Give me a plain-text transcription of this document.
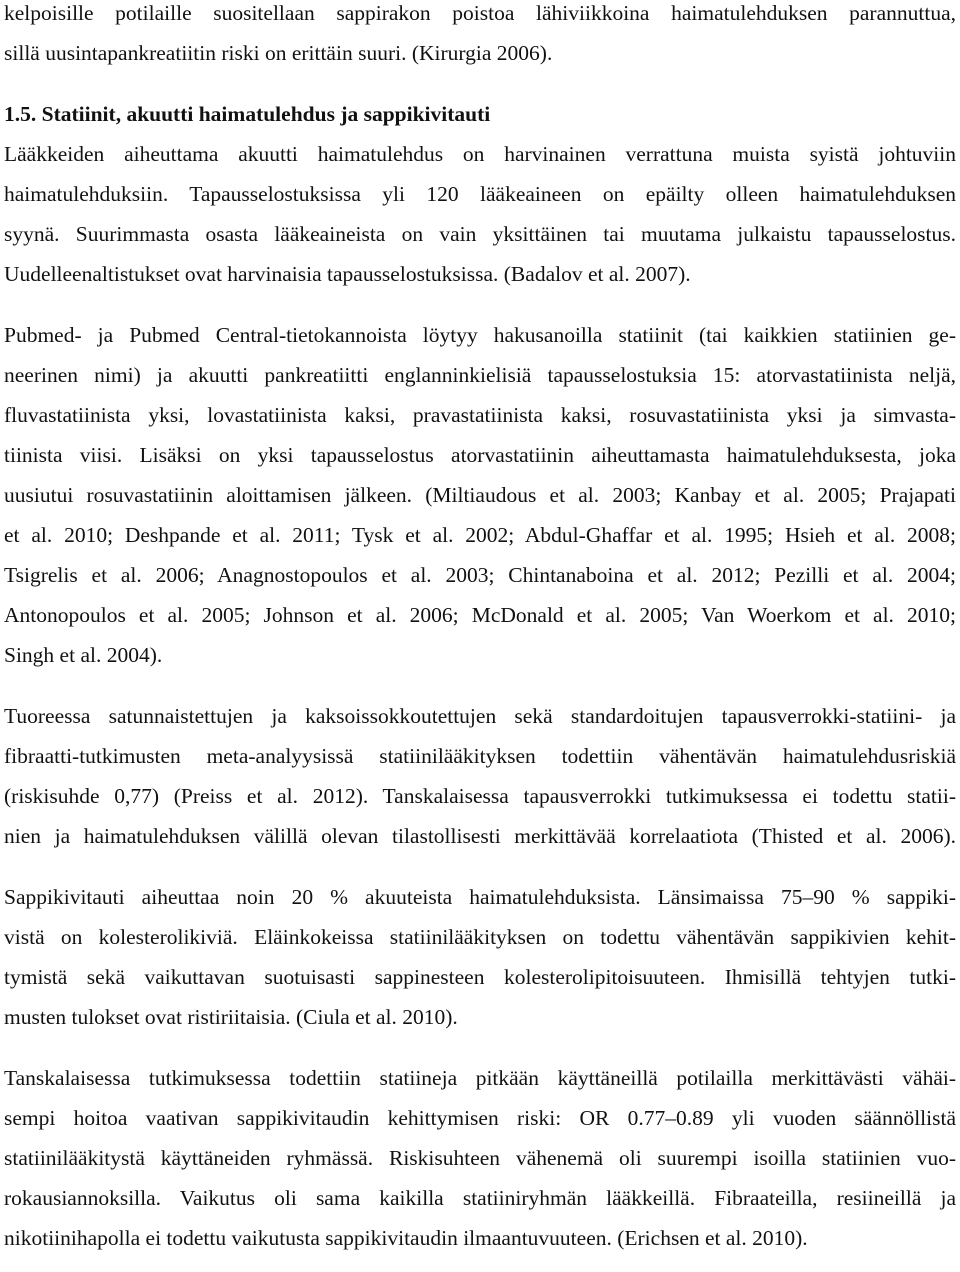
kelpoisille potilaille suositellaan sappirakon poistoa lähiviikkoina haimatulehduksen parannuttua,
sillä uusintapankreatiitin riski on erittäin suuri. (Kirurgia 2006).
1.5. Statiinit, akuutti haimatulehdus ja sappikivitauti
Lääkkeiden aiheuttama akuutti haimatulehdus on harvinainen verrattuna muista syistä johtuviin
haimatulehduksiin. Tapausselostuksissa yli 120 lääkeaineen on epäilty olleen haimatulehduksen
syynä. Suurimmasta osasta lääkeaineista on vain yksittäinen tai muutama julkaistu tapausselostus.
Uudelleenaltistukset ovat harvinaisia tapausselostuksissa. (Badalov et al. 2007).
Pubmed- ja Pubmed Central-tietokannoista löytyy hakusanoilla statiinit (tai kaikkien statiinien ge-
neerinen nimi) ja akuutti pankreatiitti englanninkielisiä tapausselostuksia 15: atorvastatiinista neljä,
fluvastatiinista yksi, lovastatiinista kaksi, pravastatiinista kaksi, rosuvastatiinista yksi ja simvasta-
tiinista viisi. Lisäksi on yksi tapausselostus atorvastatiinin aiheuttamasta haimatulehduksesta, joka
uusiutui rosuvastatiinin aloittamisen jälkeen. (Miltiaudous et al. 2003; Kanbay et al. 2005; Prajapati
et al. 2010; Deshpande et al. 2011; Tysk et al. 2002; Abdul-Ghaffar et al. 1995; Hsieh et al. 2008;
Tsigrelis et al. 2006; Anagnostopoulos et al. 2003; Chintanaboina et al. 2012; Pezilli et al. 2004;
Antonopoulos et al. 2005; Johnson et al. 2006; McDonald et al. 2005; Van Woerkom et al. 2010;
Singh et al. 2004).
Tuoreessa satunnaistettujen ja kaksoissokkoutettujen sekä standardoitujen tapausverrokki-statiini- ja
fibraatti-tutkimusten meta-analyysissä statiinilääkityksen todettiin vähentävän haimatulehdusriskiä
(riskisuhde 0,77) (Preiss et al. 2012). Tanskalaisessa tapausverrokki tutkimuksessa ei todettu statii-
nien ja haimatulehduksen välillä olevan tilastollisesti merkittävää korrelaatiota (Thisted et al. 2006).
Sappikivitauti aiheuttaa noin 20 % akuuteista haimatulehduksista. Länsimaissa 75–90 % sappiki-
vistä on kolesterolikiviä. Eläinkokeissa statiinilääkityksen on todettu vähentävän sappikivien kehit-
tymistä sekä vaikuttavan suotuisasti sappinesteen kolesterolipitoisuuteen. Ihmisillä tehtyjen tutki-
musten tulokset ovat ristiriitaisia. (Ciula et al. 2010).
Tanskalaisessa tutkimuksessa todettiin statiineja pitkään käyttäneillä potilailla merkittävästi vähäi-
sempi hoitoa vaativan sappikivitaudin kehittymisen riski: OR 0.77–0.89 yli vuoden säännöllistä
statiinilääkitystä käyttäneiden ryhmässä. Riskisuhteen vähenemä oli suurempi isoilla statiinien vuo-
rokausiannoksilla. Vaikutus oli sama kaikilla statiiniryhmän lääkkeillä. Fibraateilla, resiineillä ja
nikotiinihapolla ei todettu vaikutusta sappikivitaudin ilmaantuvuuteen. (Erichsen et al. 2010).
